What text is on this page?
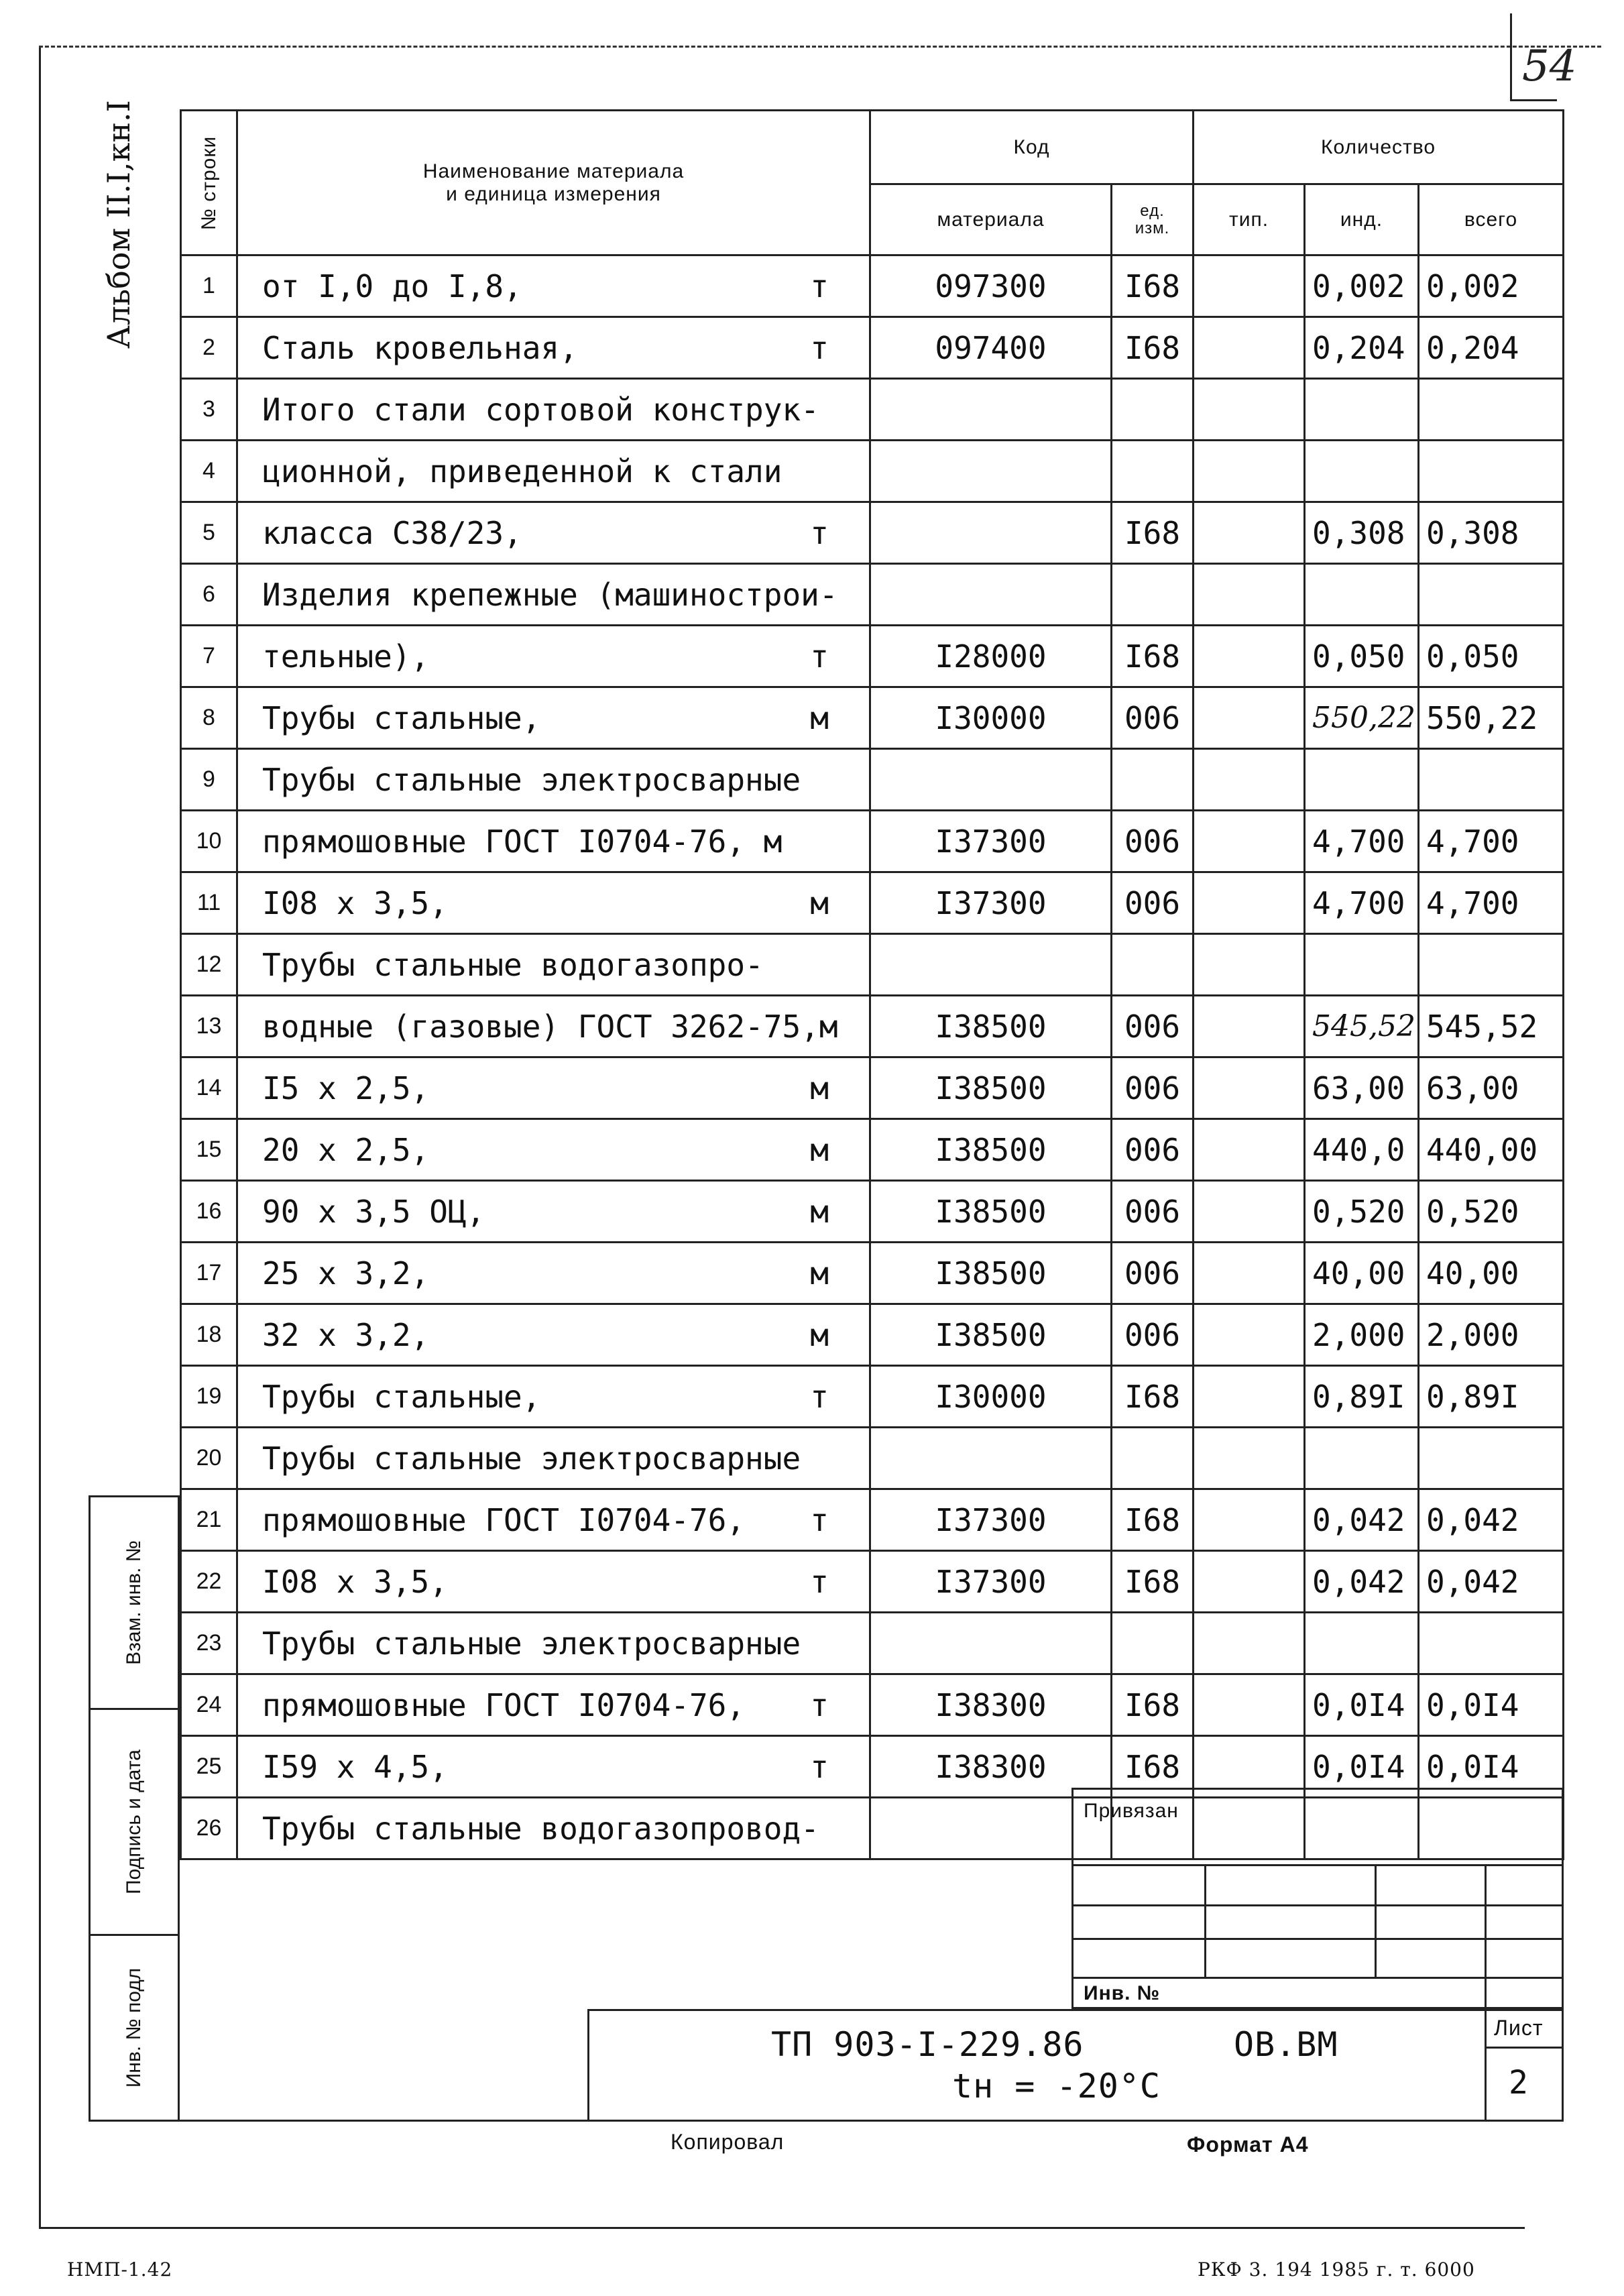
54
Альбом II.I,кн.I	№ строки	Наименование материала
и единица измерения	Код		Количество		
		материала	ед.
изм.	тип.	инд.	всего
1	от I,0 до I,8, т	097300	I68		0,002	0,002
2	Сталь кровельная, т	097400	I68		0,204	0,204
3	Итого стали сортовой конструк-

4	ционной, приведенной к стали

5	класса С38/23, т		I68		0,308	0,308
6	Изделия крепежные (машинострои-

7	тельные), т	I28000	I68		0,050	0,050
8	Трубы стальные, м	I30000	006		550,22	550,22
9	Трубы стальные электросварные

10	прямошовные ГОСТ I0704-76, м	I37300	006		4,700	4,700
11	I08 х 3,5, м	I37300	006		4,700	4,700
12	Трубы стальные водогазопро-

13	водные (газовые) ГОСТ 3262-75,м	I38500	006		545,52	545,52
14	I5 х 2,5, м	I38500	006		63,00	63,00
15	20 х 2,5, м	I38500	006		440,0	440,00
16	90 х 3,5 ОЦ, м	I38500	006		0,520	0,520
17	25 х 3,2, м	I38500	006		40,00	40,00
18	32 х 3,2, м	I38500	006		2,000	2,000
19	Трубы стальные, т	I30000	I68		0,89I	0,89I
20	Трубы стальные электросварные

21	прямошовные ГОСТ I0704-76, т	I37300	I68		0,042	0,042
22	I08 х 3,5, т	I37300	I68		0,042	0,042
23	Трубы стальные электросварные

24	прямошовные ГОСТ I0704-76, т	I38300	I68		0,0I4	0,0I4
25	I59 х 4,5, т	I38300	I68		0,0I4	0,0I4
26	Трубы стальные водогазопровод-

Взам. инв. №
Подпись и дата
Инв. № подл
Привязан
Инв. №
Лист
2
ТП 903-I-229.86	ОВ.ВМ
tн = -20°С
Копировал	Формат А4
НМП-1.42	РКФ 3. 194 1985 г. т. 6000
